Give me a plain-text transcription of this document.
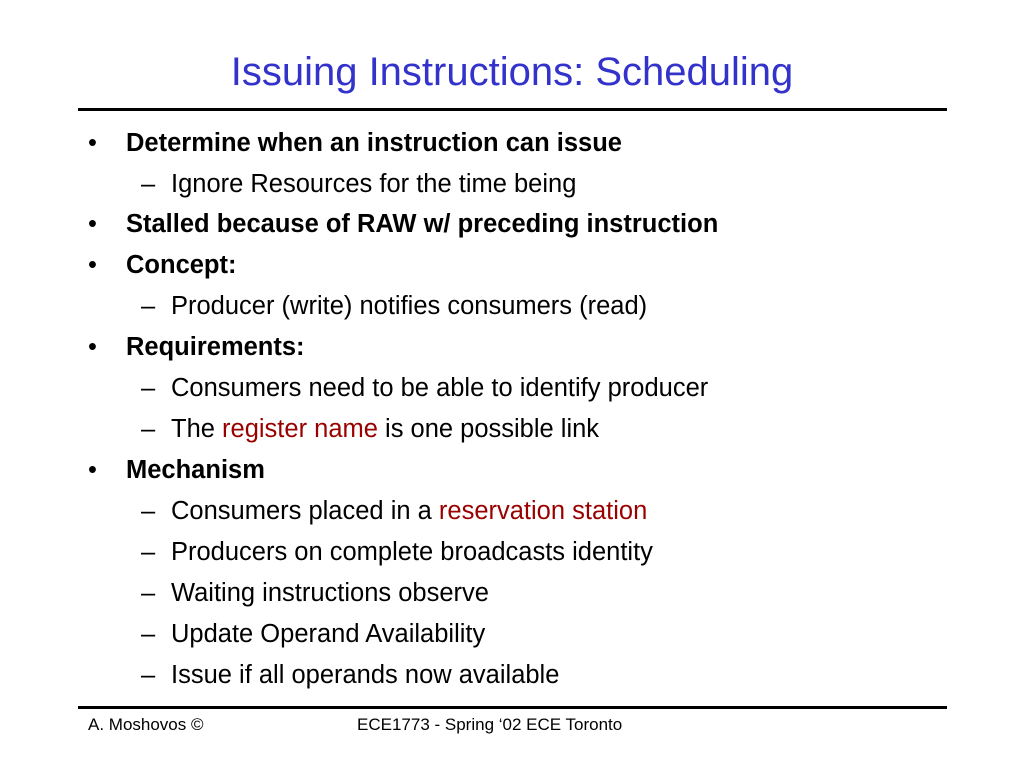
Issuing Instructions: Scheduling
• Determine when an instruction can issue
– Ignore Resources for the time being
• Stalled because of RAW w/ preceding instruction
• Concept:
– Producer (write) notifies consumers (read)
• Requirements:
– Consumers need to be able to identify producer
– The register name is one possible link
• Mechanism
– Consumers placed in a reservation station
– Producers on complete broadcasts identity
– Waiting instructions observe
– Update Operand Availability
– Issue if all operands now available
A. Moshovos ©	ECE1773 - Spring ‘02 ECE Toronto
